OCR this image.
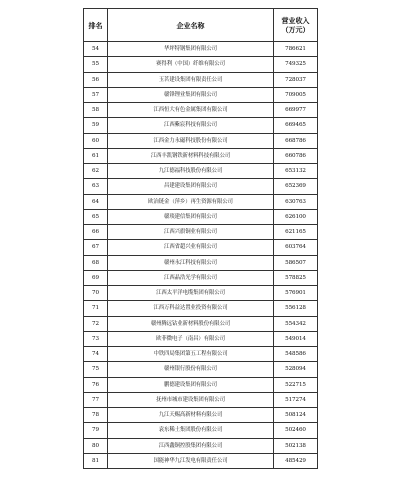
排名	企业名称	营业收入
（万元）
54	华坪特钢集团有限公司	786621
55	赛得利（中国）纤维有限公司	749325
56	玉茗建设集团有限责任公司	728037
57	赣锋锂业集团有限公司	709005
58	江西恒大有色金属集团有限公司	669977
59	江西紫宸科技有限公司	669465
60	江西金力永磁科技股份有限公司	668786
61	江西丰凯钢铁新材料科技有限公司	660786
62	九江德福科技股份有限公司	653132
63	昌建建设集团有限公司	652369
64	欧冶链金（萍乡）再生资源有限公司	630763
65	赣琰建信集团有限公司	626100
66	江西兴旗铜业有限公司	621165
67	江西省超兴业有限公司	603764
68	赣州永江科技有限公司	586507
69	江西晶浩光学有限公司	578825
70	江西太平洋电缆集团有限公司	576901
71	江西万科益达置业投资有限公司	556128
72	赣州腾远钴业新材料股份有限公司	554342
73	欧菲微电子（南昌）有限公司	549014
74	中铁四局集团第五工程有限公司	548586
75	赣州银行股份有限公司	528094
76	鹏德建设集团有限公司	522715
77	抚州市城市建设集团有限公司	517274
78	九江天赐高新材料有限公司	508124
79	袁东稀土集团股份有限公司	502460
80	江西鑫铜控股集团有限公司	502138
81	国能神华九江发电有限责任公司	485429
